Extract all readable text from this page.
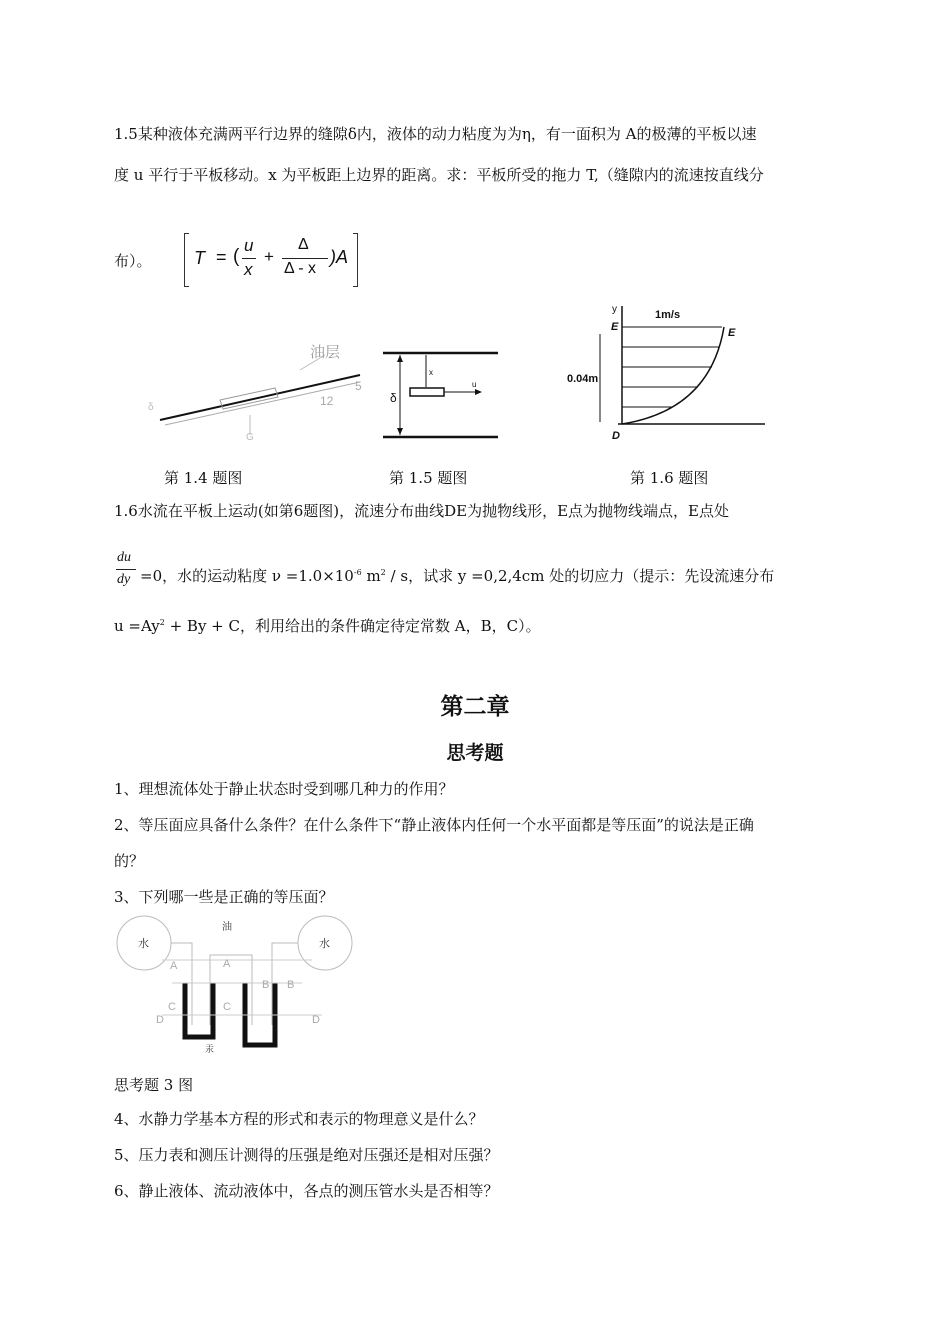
1.5某种液体充满两平行边界的缝隙δ内，液体的动力粘度为为η，有一面积为 A的极薄的平板以速
度 u 平行于平板移动。x 为平板距上边界的距离。求：平板所受的拖力 T,（缝隙内的流速按直线分
布）。 T = (
u
x
+
Δ
Δ - x
)A
油层
δ
5
12
G
第 1.4 题图
δ
x
u
第 1.5 题图
y
0.04m
1m/s
E	E
D
第 1.6 题图
1.6水流在平板上运动(如第6题图)，流速分布曲线DE为抛物线形，E点为抛物线端点，E点处
du
dy =0，水的运动粘度 $\nu =1.0\times 10^{-6}$ $m^2$ / s，试求 y =0,2,4cm 处的切应力（提示：先设流速分布
$u =Ay^2 + By + C$，利用给出的条件确定待定常数 A，B，C）。
第二章
思考题
1、理想流体处于静止状态时受到哪几种力的作用？
2、等压面应具备什么条件？在什么条件下“静止液体内任何一个水平面都是等压面”的说法是正确
的？
3、下列哪一些是正确的等压面？
水	水
油
A	A
B B
C	C
D	D
汞
思考题 3 图
4、水静力学基本方程的形式和表示的物理意义是什么？
5、压力表和测压计测得的压强是绝对压强还是相对压强？
6、静止液体、流动液体中，各点的测压管水头是否相等？
